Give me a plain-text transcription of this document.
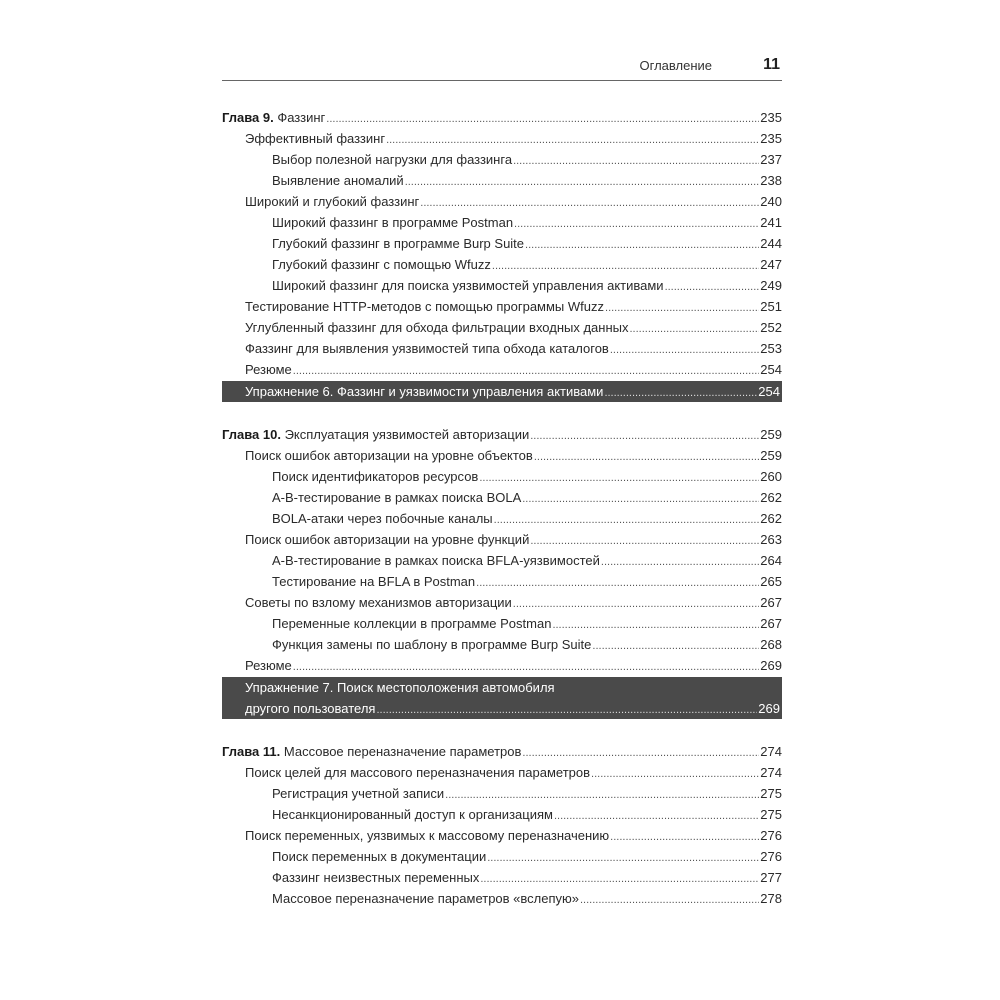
Оглавление	11
Глава 9. Фаззинг .....	235
Эффективный фаззинг .....	235
Выбор полезной нагрузки для фаззинга .....	237
Выявление аномалий .....	238
Широкий и глубокий фаззинг .....	240
Широкий фаззинг в программе Postman .....	241
Глубокий фаззинг в программе Burp Suite .....	244
Глубокий фаззинг с помощью Wfuzz .....	247
Широкий фаззинг для поиска уязвимостей управления активами .....	249
Тестирование HTTP-методов с помощью программы Wfuzz .....	251
Углубленный фаззинг для обхода фильтрации входных данных .....	252
Фаззинг для выявления уязвимостей типа обхода каталогов .....	253
Резюме .....	254
Упражнение 6. Фаззинг и уязвимости управления активами .....	254
Глава 10. Эксплуатация уязвимостей авторизации .....	259
Поиск ошибок авторизации на уровне объектов .....	259
Поиск идентификаторов ресурсов .....	260
А-В-тестирование в рамках поиска BOLA .....	262
BOLA-атаки через побочные каналы .....	262
Поиск ошибок авторизации на уровне функций .....	263
А-В-тестирование в рамках поиска BFLA-уязвимостей .....	264
Тестирование на BFLA в Postman .....	265
Советы по взлому механизмов авторизации .....	267
Переменные коллекции в программе Postman .....	267
Функция замены по шаблону в программе Burp Suite .....	268
Резюме .....	269
Упражнение 7. Поиск местоположения автомобиля
другого пользователя .....	269
Глава 11. Массовое переназначение параметров .....	274
Поиск целей для массового переназначения параметров .....	274
Регистрация учетной записи .....	275
Несанкционированный доступ к организациям .....	275
Поиск переменных, уязвимых к массовому переназначению .....	276
Поиск переменных в документации .....	276
Фаззинг неизвестных переменных .....	277
Массовое переназначение параметров «вслепую» .....	278
